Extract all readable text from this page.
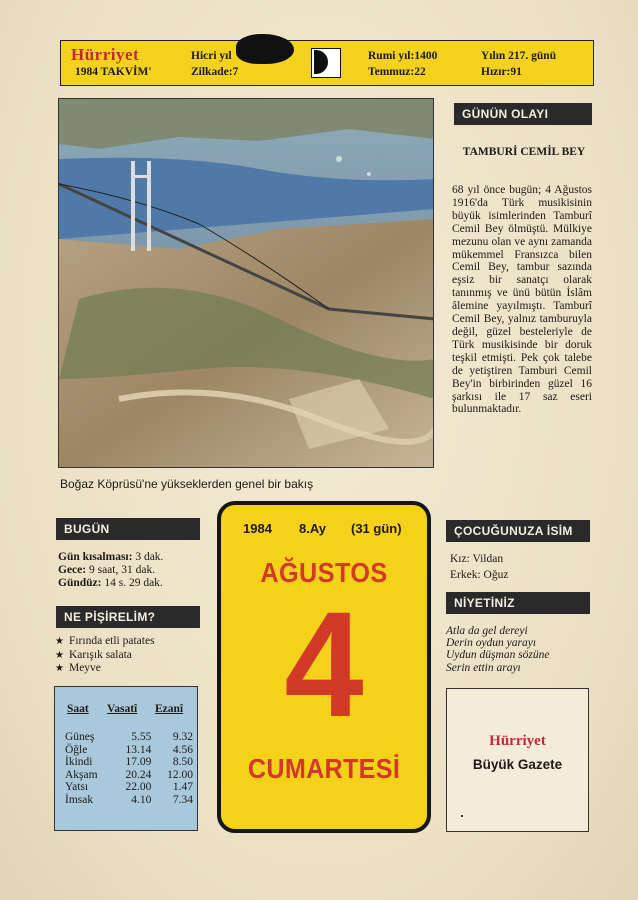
Hürriyet
1984 TAKVİM'
Hicri yıl
Zilkade:7
Rumi yıl:1400
Temmuz:22
Yılın 217. günü
Hızır:91
Boğaz Köprüsü'ne yükseklerden genel bir bakış
GÜNÜN OLAYI
TAMBURİ CEMİL BEY
68 yıl önce bugün; 4 Ağustos 1916'da Türk musikisinin büyük isimlerinden Tamburî Cemil Bey ölmüştü. Mülkiye mezunu olan ve aynı zamanda mükemmel Fransızca bilen Cemil Bey, tambur sazında eşsiz bir sanatçı olarak tanınmış ve ünü bütün İslâm âlemine yayılmıştı. Tamburî Cemil Bey, yalnız tamburuyla değil, güzel besteleriyle de Türk musikisinde bir doruk teşkil etmişti. Pek çok talebe de yetiştiren Tamburi Cemil Bey'in birbirinden güzel 16 şarkısı ile 17 saz eseri bulunmaktadır.
BUGÜN
Gün kısalması: 3 dak.
Gece: 9 saat, 31 dak.
Gündüz: 14 s. 29 dak.
NE PİŞİRELİM?
★ Fırında etli patates
★ Karışık salata
★ Meyve
Saat Vasatî Ezanî
Güneş	5.55	9.32
Öğle	13.14	4.56
İkindi	17.09	8.50
Akşam	20.24	12.00
Yatsı	22.00	1.47
İmsak	4.10	7.34
1984 8.Ay (31 gün)
AĞUSTOS
4
CUMARTESİ
ÇOCUĞUNUZA İSİM
Kız: Vildan
Erkek: Oğuz
NİYETİNİZ
Atla da gel dereyi
Derin oydun yarayı
Uydun düşman sözüne
Serin ettin arayı
Hürriyet
Büyük Gazete
